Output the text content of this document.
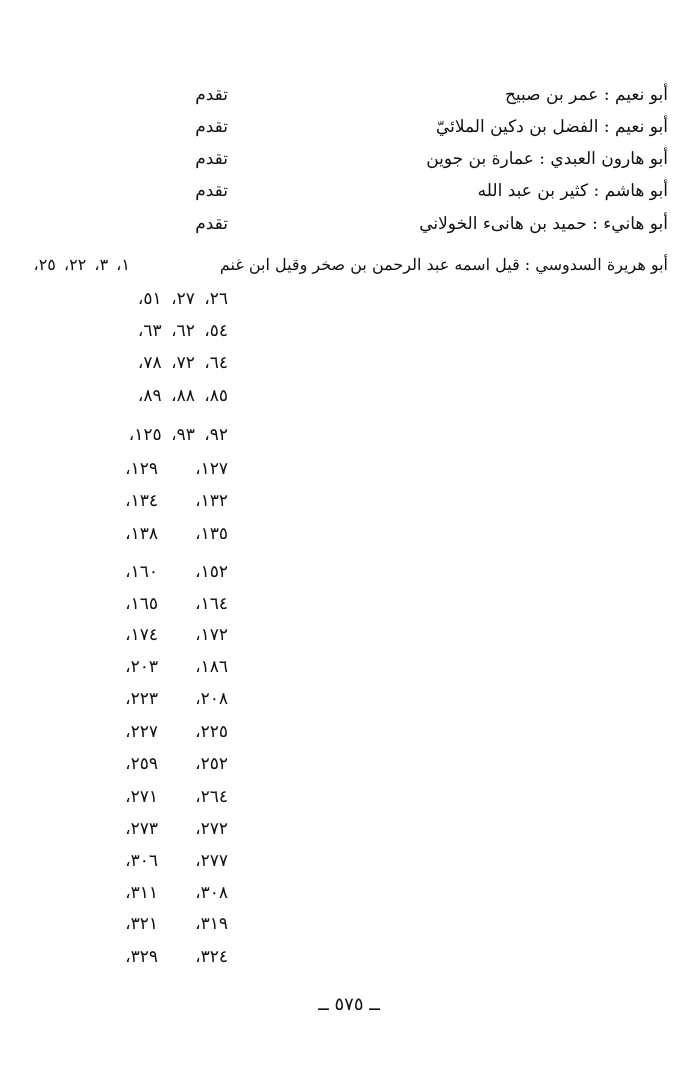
أبو نعيم : عمر بن صبيح
تقدم
أبو نعيم : الفضل بن دكين الملائيّ
تقدم
أبو هارون العبدي : عمارة بن جوين
تقدم
أبو هاشم : كثير بن عبد الله
تقدم
أبو هانيء : حميد بن هانىء الخولاني
تقدم
أبو هريرة السدوسي : قيل اسمه عبد الرحمن بن صخر وقيل ابن غنم
١، ٣، ٢٢، ٢٥،
٢٦، ٢٧، ٥١،
٥٤، ٦٢، ٦٣،
٦٤، ٧٢، ٧٨،
٨٥، ٨٨، ٨٩،
٩٢، ٩٣، ١٢٥،
١٢٧،
١٢٩،
١٣٢،
١٣٤،
١٣٥،
١٣٨،
١٥٢،
١٦٠،
١٦٤،
١٦٥،
١٧٢،
١٧٤،
١٨٦،
٢٠٣،
٢٠٨،
٢٢٣،
٢٢٥،
٢٢٧،
٢٥٢،
٢٥٩،
٢٦٤،
٢٧١،
٢٧٢،
٢٧٣،
٢٧٧،
٣٠٦،
٣٠٨،
٣١١،
٣١٩،
٣٢١،
٣٢٤،
٣٢٩،
ــ ٥٧٥ ــ
